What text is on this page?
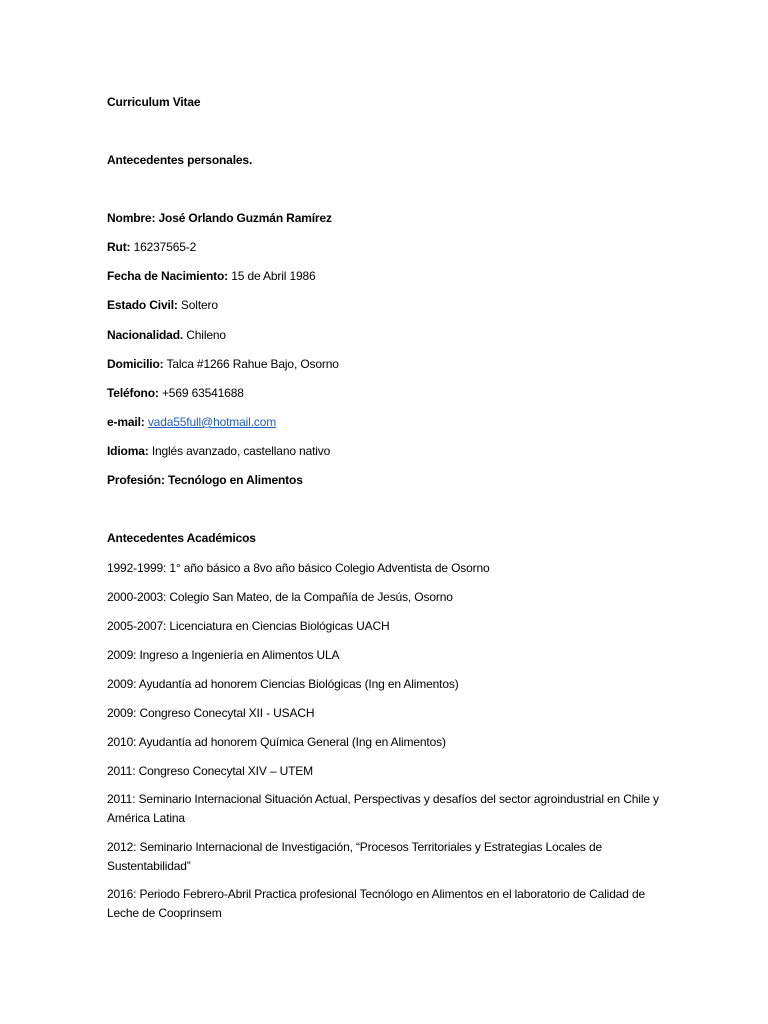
Curriculum Vitae
Antecedentes personales.
Nombre: José Orlando Guzmán Ramírez
Rut: 16237565-2
Fecha de Nacimiento: 15 de Abril 1986
Estado Civil: Soltero
Nacionalidad. Chileno
Domicilio: Talca #1266 Rahue Bajo, Osorno
Teléfono: +569 63541688
e-mail: vada55full@hotmail.com
Idioma: Inglés avanzado, castellano nativo
Profesión: Tecnólogo en Alimentos
Antecedentes Académicos
1992-1999: 1° año básico a 8vo año básico Colegio Adventista de Osorno
2000-2003: Colegio San Mateo, de la Compañía de Jesús, Osorno
2005-2007: Licenciatura en Ciencias Biológicas UACH
2009: Ingreso a Ingeniería en Alimentos ULA
2009: Ayudantía ad honorem Ciencias Biológicas (Ing en Alimentos)
2009: Congreso Conecytal XII - USACH
2010: Ayudantía ad honorem Química General (Ing en Alimentos)
2011: Congreso Conecytal XIV – UTEM
2011: Seminario Internacional Situación Actual, Perspectivas y desafíos del sector agroindustrial en Chile y América Latina
2012: Seminario Internacional de Investigación, “Procesos Territoriales y Estrategias Locales de Sustentabilidad”
2016: Periodo Febrero-Abril Practica profesional Tecnólogo en Alimentos en el laboratorio de Calidad de Leche de Cooprinsem
